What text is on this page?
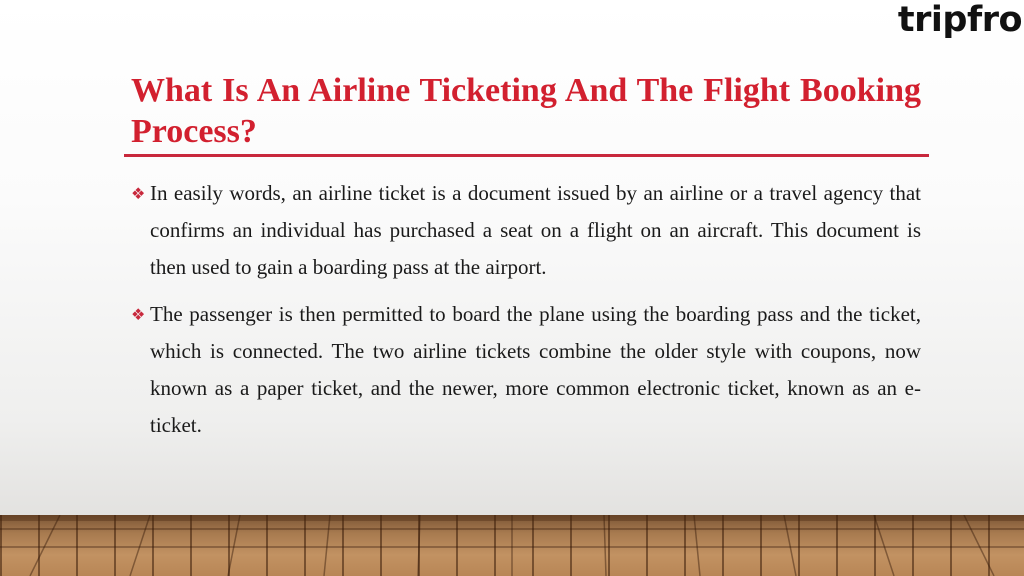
tripfro
What Is An Airline Ticketing And The Flight Booking Process?
❖ In easily words, an airline ticket is a document issued by an airline or a travel agency that confirms an individual has purchased a seat on a flight on an aircraft. This document is then used to gain a boarding pass at the airport.
❖ The passenger is then permitted to board the plane using the boarding pass and the ticket, which is connected. The two airline tickets combine the older style with coupons, now known as a paper ticket, and the newer, more common electronic ticket, known as an e-ticket.
